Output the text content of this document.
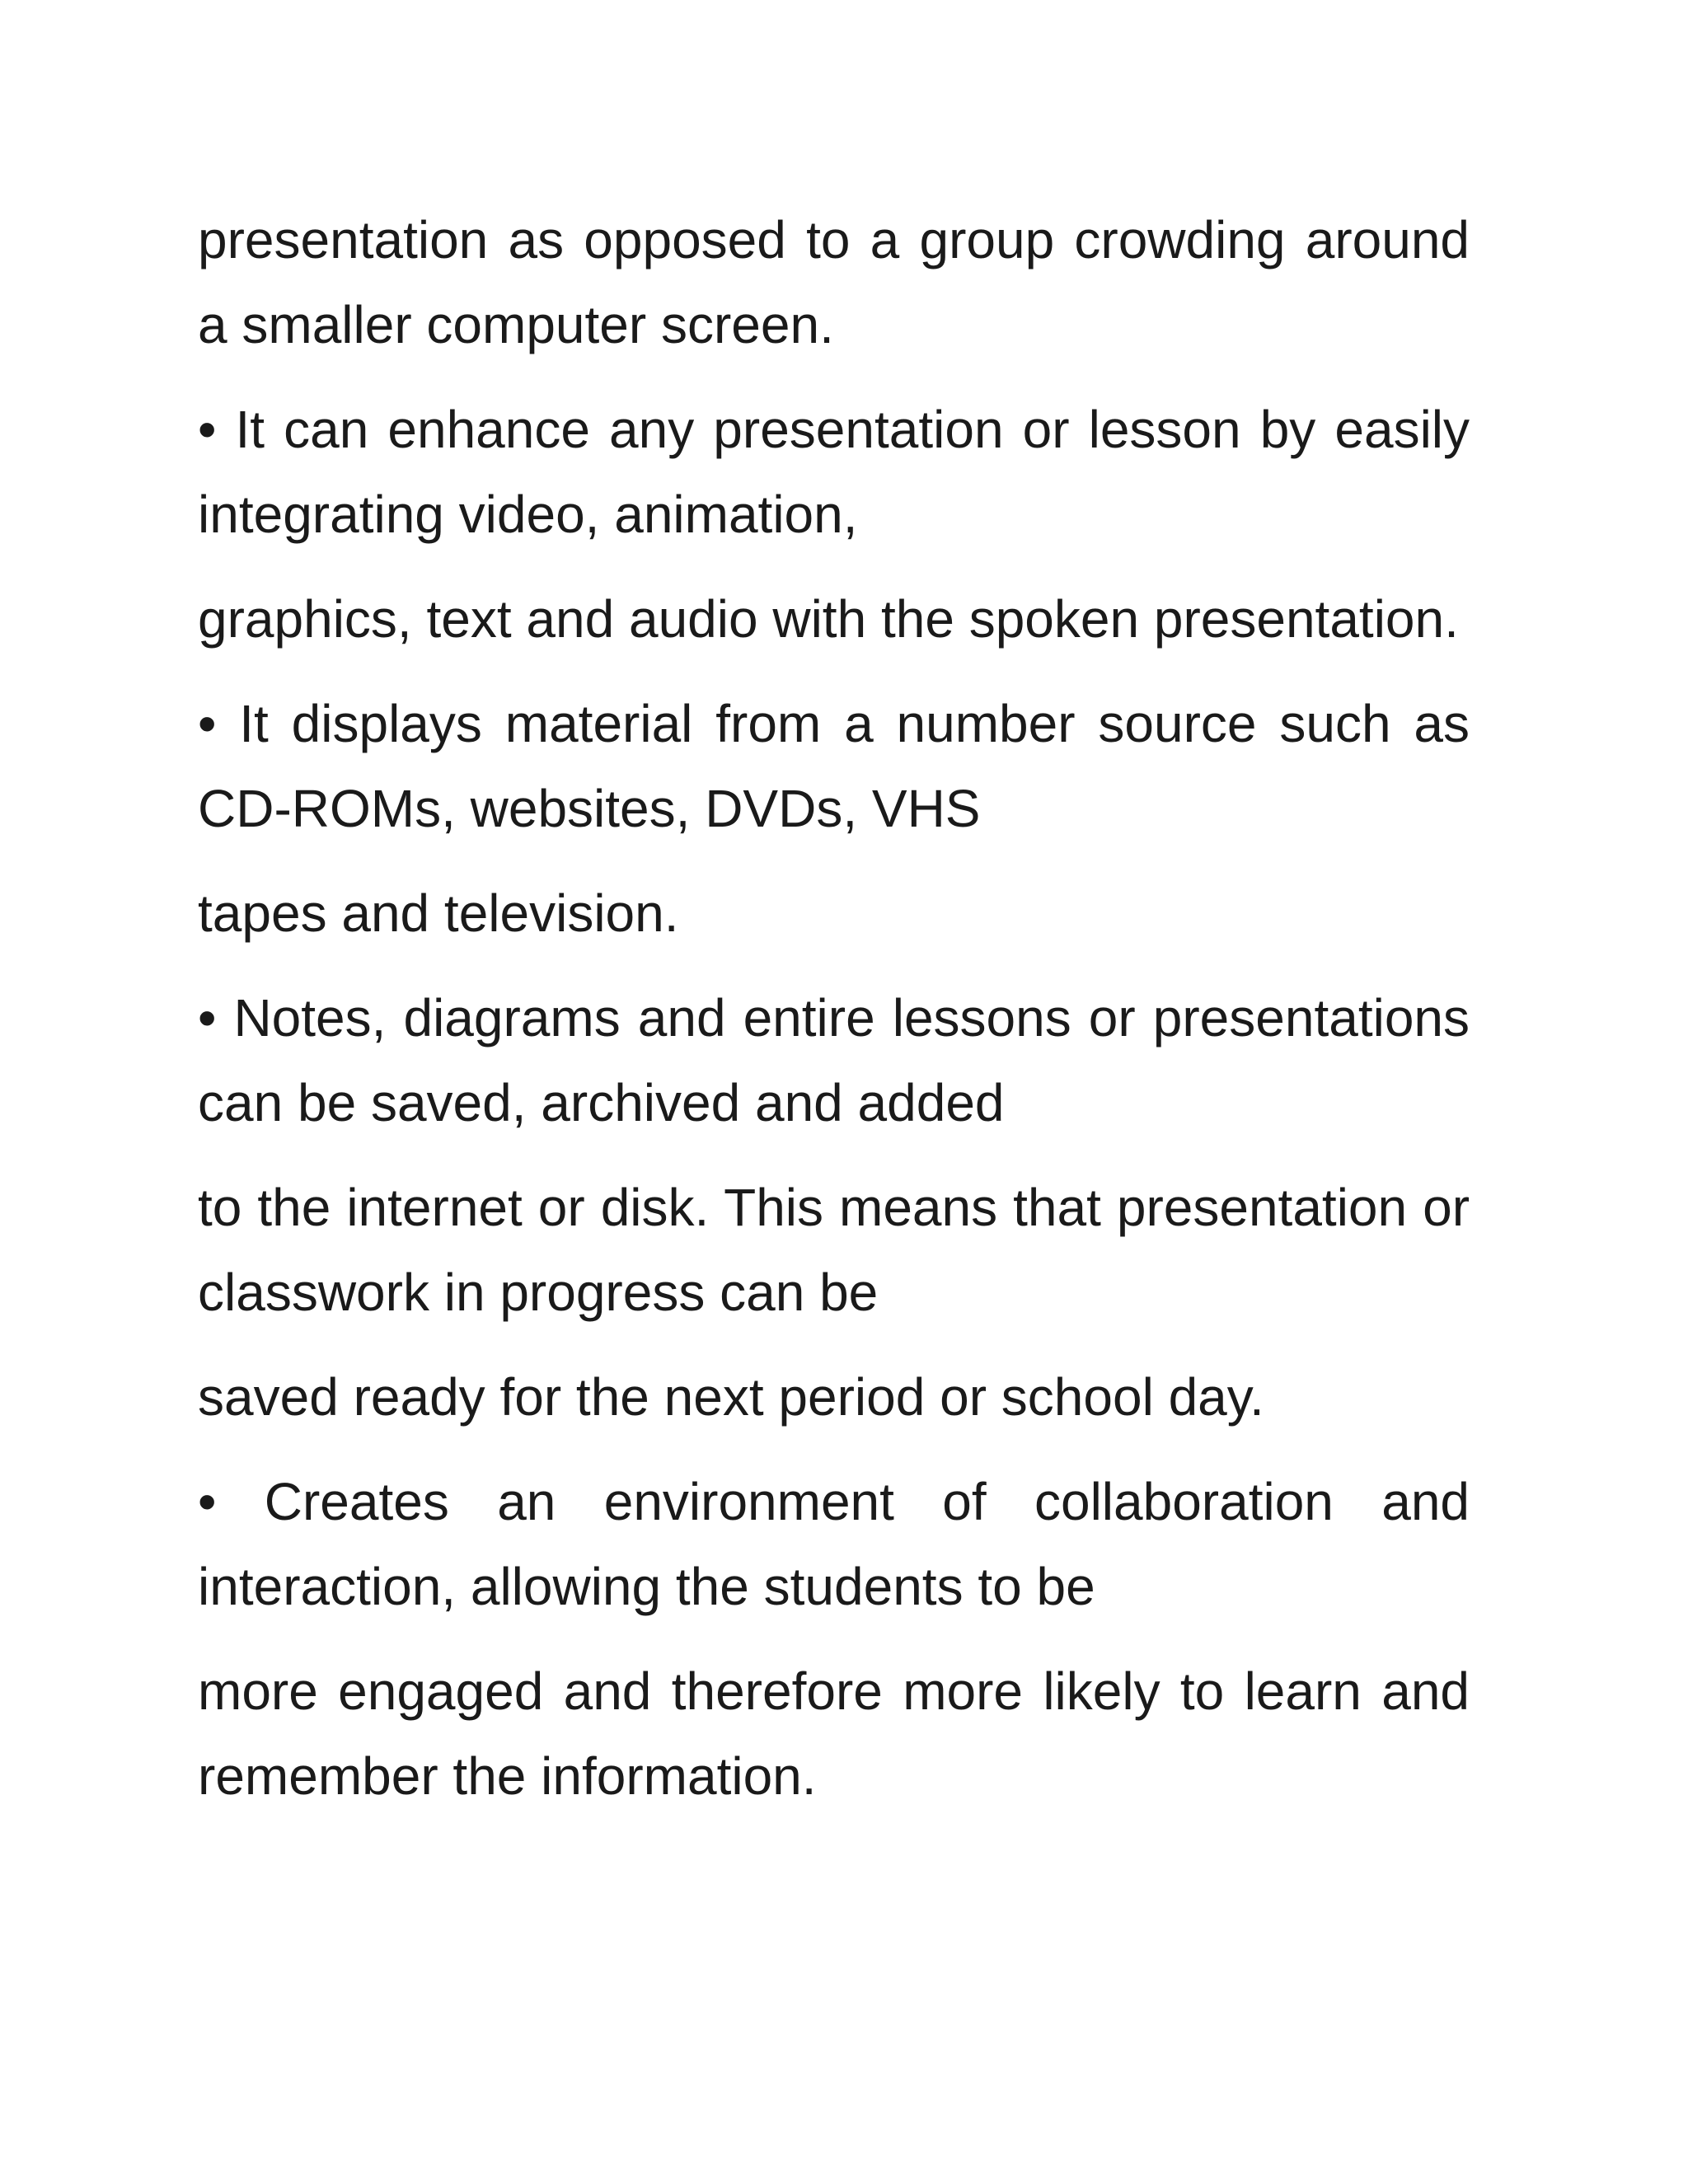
presentation as opposed to a group crowding around a smaller computer screen.

• It can enhance any presentation or lesson by easily integrating video, animation,

graphics, text and audio with the spoken presentation.

• It displays material from a number source such as CD-ROMs, websites, DVDs, VHS

tapes and television.

• Notes, diagrams and entire lessons or presentations can be saved, archived and added

to the internet or disk. This means that presentation or classwork in progress can be

saved ready for the next period or school day.

• Creates an environment of collaboration and interaction, allowing the students to be

more engaged and therefore more likely to learn and remember the information.
